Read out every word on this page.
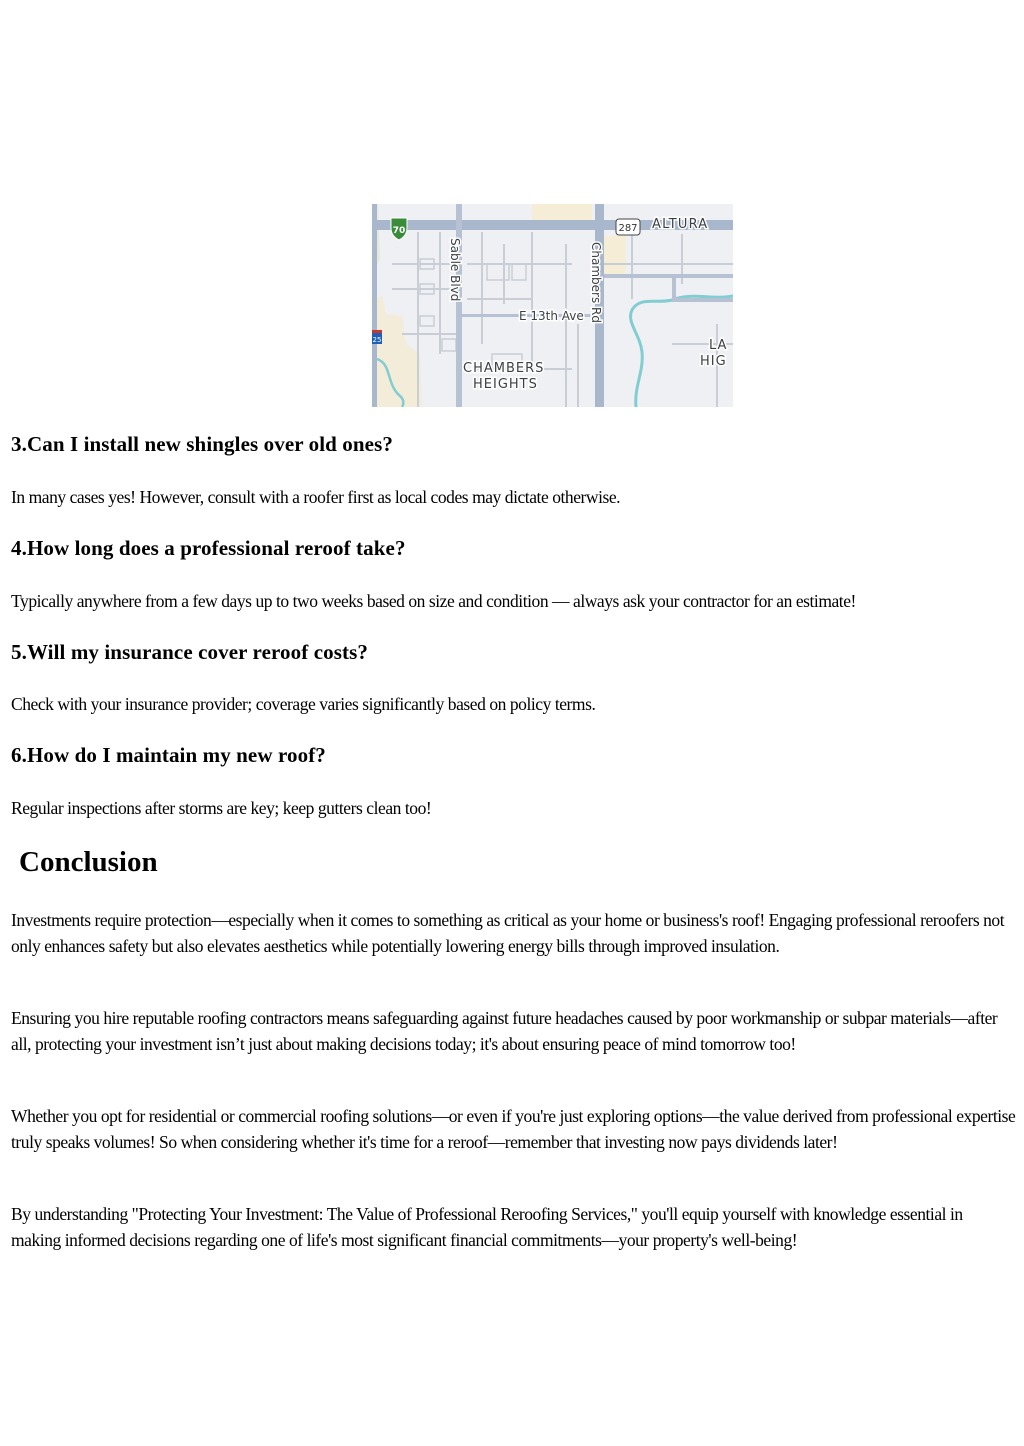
70	287
25
ALTURA
Sable Blvd	Chambers Rd
E 13th Ave
CHAMBERS
HEIGHTS
LA
HIG
3.Can I install new shingles over old ones?

In many cases yes! However, consult with a roofer first as local codes may dictate otherwise.

4.How long does a professional reroof take?

Typically anywhere from a few days up to two weeks based on size and condition — always ask your contractor for an estimate!

5.Will my insurance cover reroof costs?

Check with your insurance provider; coverage varies significantly based on policy terms.

6.How do I maintain my new roof?

Regular inspections after storms are key; keep gutters clean too!

Conclusion

Investments require protection—especially when it comes to something as critical as your home or business's roof! Engaging professional reroofers not only enhances safety but also elevates aesthetics while potentially lowering energy bills through improved insulation.

Ensuring you hire reputable roofing contractors means safeguarding against future headaches caused by poor workmanship or subpar materials—after all, protecting your investment isn’t just about making decisions today; it's about ensuring peace of mind tomorrow too!

Whether you opt for residential or commercial roofing solutions—or even if you're just exploring options—the value derived from professional expertise truly speaks volumes! So when considering whether it's time for a reroof—remember that investing now pays dividends later!

By understanding "Protecting Your Investment: The Value of Professional Reroofing Services," you'll equip yourself with knowledge essential in making informed decisions regarding one of life's most significant financial commitments—your property's well-being!
